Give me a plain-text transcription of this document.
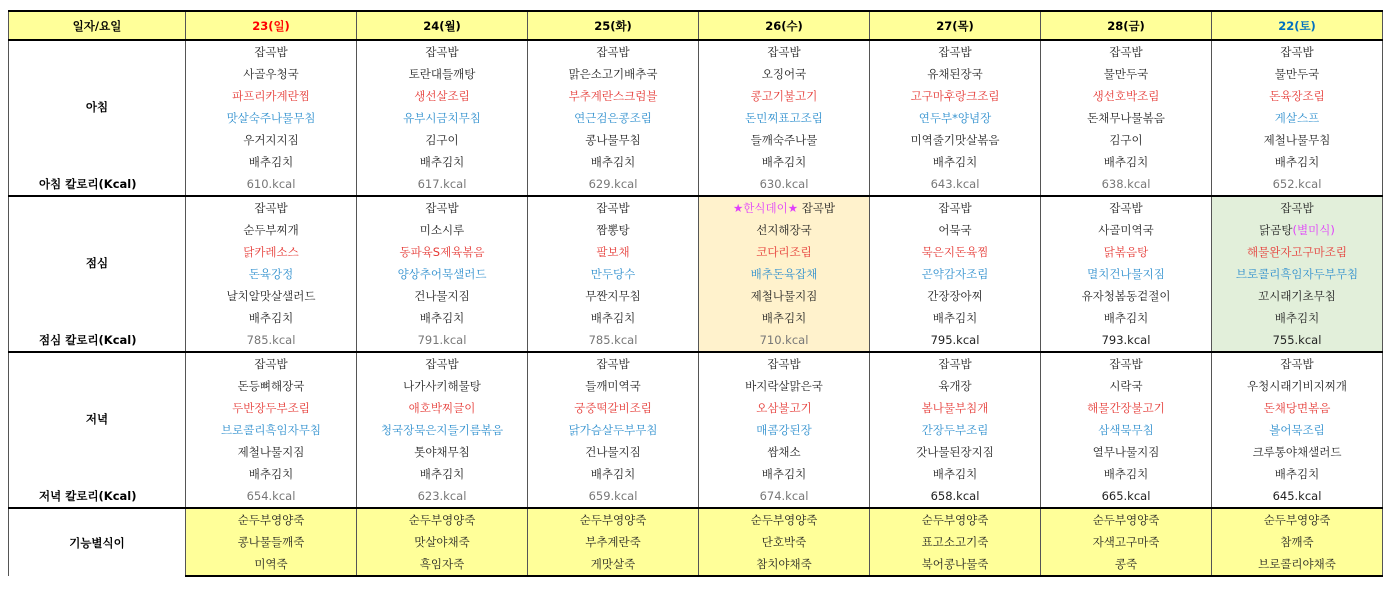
일자/요일	23(일)	24(월)	25(화)	26(수)	27(목)	28(금)	22(토)
아침	잡곡밥	잡곡밥	잡곡밥	잡곡밥	잡곡밥	잡곡밥	잡곡밥
	사골우청국	토란대들깨탕	맑은소고기배추국	오징어국	유채된장국	물만두국	물만두국
	파프리카계란찜	생선살조림	부추계란스크럼블	콩고기불고기	고구마후랑크조림	생선호박조림	돈육장조림
	맛살숙주나물무침	유부시금치무침	연근검은콩조림	돈민찌표고조림	연두부*양념장	돈채무나물볶음	게살스프
	우거지지짐	김구이	콩나물무침	들깨숙주나물	미역줄기맛살볶음	김구이	제철나물무침
	배추김치	배추김치	배추김치	배추김치	배추김치	배추김치	배추김치
아침 칼로리(Kcal)	610.kcal	617.kcal	629.kcal	630.kcal	643.kcal	638.kcal	652.kcal
점심	잡곡밥	잡곡밥	잡곡밥	★한식데이★ 잡곡밥	잡곡밥	잡곡밥	잡곡밥
	순두부찌개	미소시루	짬뽕탕	선지해장국	어묵국	사골미역국	닭곰탕(별미식)
	닭카레소스	동파육S제육볶음	팔보채	코다리조림	묵은지돈육찜	닭볶음탕	해물완자고구마조림
	돈육강정	양상추어묵샐러드	만두당수	배추돈육잡채	곤약감자조림	멸치건나물지짐	브로콜리흑임자두부무침
	날치알맛살샐러드	건나물지짐	무짠지무침	제철나물지짐	간장장아찌	유자청봄동겉절이	꼬시래기초무침
	배추김치	배추김치	배추김치	배추김치	배추김치	배추김치	배추김치
점심 칼로리(Kcal)	785.kcal	791.kcal	785.kcal	710.kcal	795.kcal	793.kcal	755.kcal
저녁	잡곡밥	잡곡밥	잡곡밥	잡곡밥	잡곡밥	잡곡밥	잡곡밥
	돈등뼈해장국	나가사키해물탕	들깨미역국	바지락살맑은국	육개장	시락국	우청시래기비지찌개
	두반장두부조림	애호박찌글이	궁중떡갈비조림	오삼불고기	봄나물부침개	해물간장불고기	돈채당면볶음
	브로콜리흑임자무침	청국장묵은지들기름볶음	닭가슴살두부무침	매콤강된장	간장두부조림	삼색묵무침	볼어묵조림
	제철나물지짐	톳야채무침	건나물지짐	쌈채소	갓나물된장지짐	열무나물지짐	크루통야채샐러드
	배추김치	배추김치	배추김치	배추김치	배추김치	배추김치	배추김치
저녁 칼로리(Kcal)	654.kcal	623.kcal	659.kcal	674.kcal	658.kcal	665.kcal	645.kcal
기능별식이	순두부영양죽	순두부영양죽	순두부영양죽	순두부영양죽	순두부영양죽	순두부영양죽	순두부영양죽
	콩나물들깨죽	맛살야채죽	부추계란죽	단호박죽	표고소고기죽	자색고구마죽	참깨죽
	미역죽	흑임자죽	게맛살죽	참치야채죽	북어콩나물죽	콩죽	브로콜리야채죽
